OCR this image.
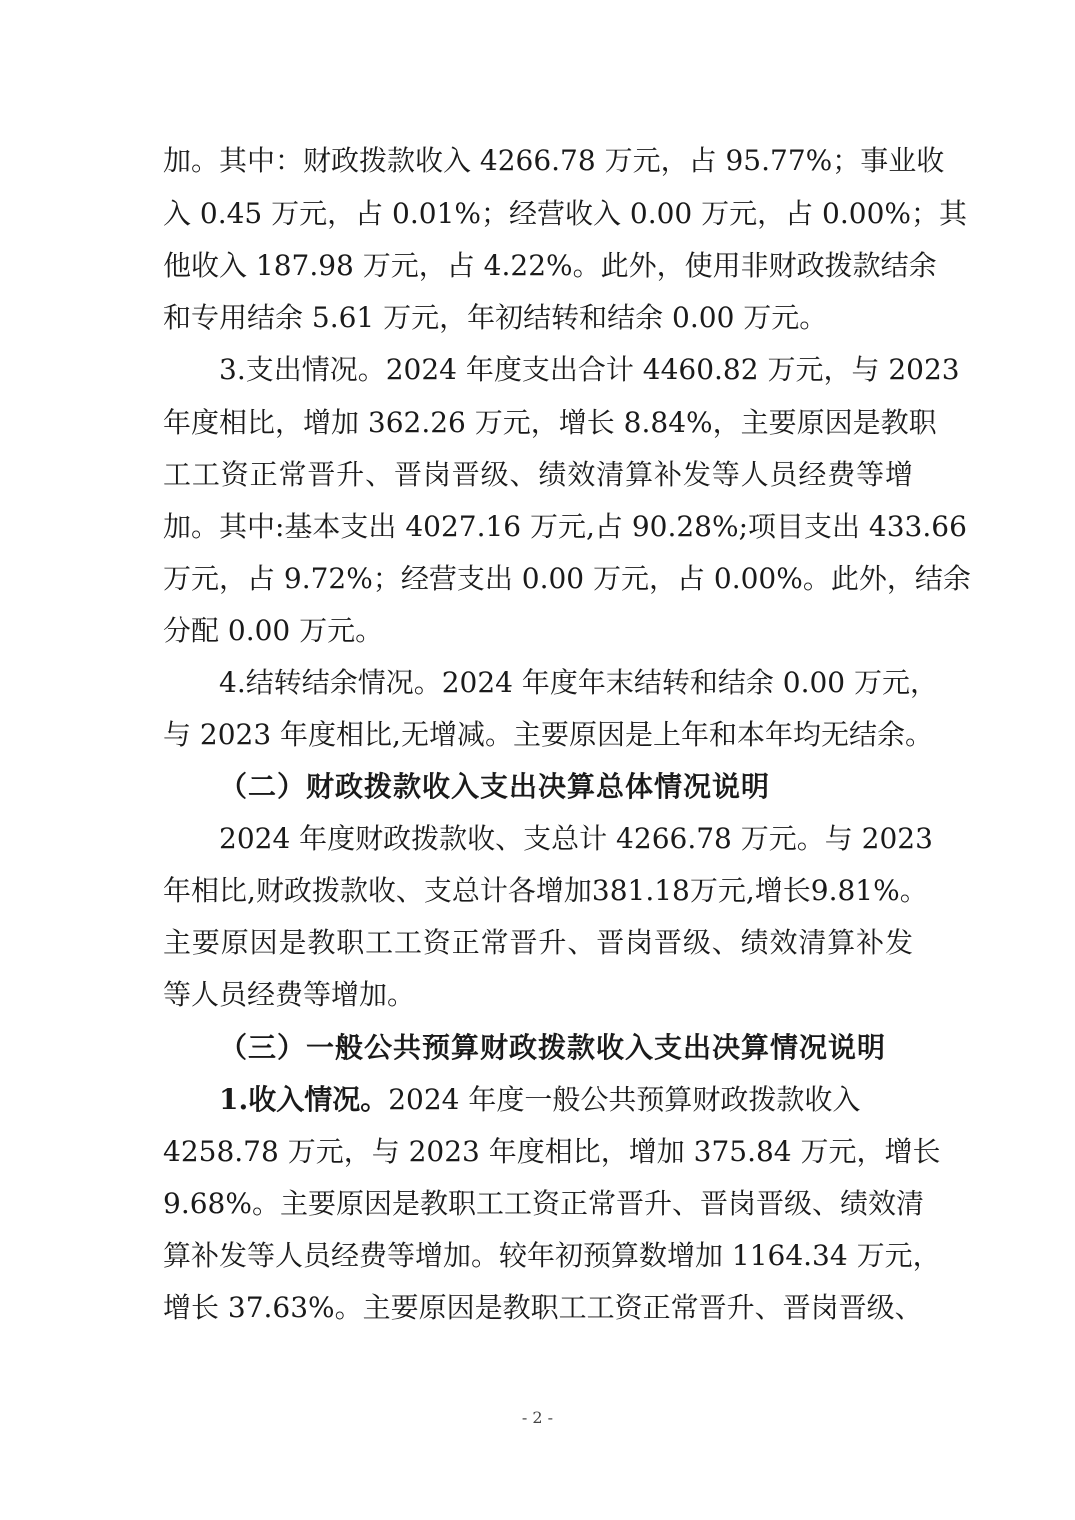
加。其中：财政拨款收入 4266.78 万元，占 95.77%；事业收
入 0.45 万元，占 0.01%；经营收入 0.00 万元，占 0.00%；其
他收入 187.98 万元，占 4.22%。此外，使用非财政拨款结余
和专用结余 5.61 万元，年初结转和结余 0.00 万元。
3.支出情况。2024 年度支出合计 4460.82 万元，与 2023
年度相比，增加 362.26 万元，增长 8.84%，主要原因是教职
工工资正常晋升、晋岗晋级、绩效清算补发等人员经费等增
加。其中:基本支出 4027.16 万元,占 90.28%;项目支出 433.66
万元，占 9.72%；经营支出 0.00 万元，占 0.00%。此外，结余
分配 0.00 万元。
4.结转结余情况。2024 年度年末结转和结余 0.00 万元，
与 2023 年度相比,无增减。主要原因是上年和本年均无结余。
（二）财政拨款收入支出决算总体情况说明
2024 年度财政拨款收、支总计 4266.78 万元。与 2023
年相比,财政拨款收、支总计各增加381.18万元,增长9.81%。
主要原因是教职工工资正常晋升、晋岗晋级、绩效清算补发
等人员经费等增加。
（三）一般公共预算财政拨款收入支出决算情况说明
1.收入情况。2024 年度一般公共预算财政拨款收入
4258.78 万元，与 2023 年度相比，增加 375.84 万元，增长
9.68%。主要原因是教职工工资正常晋升、晋岗晋级、绩效清
算补发等人员经费等增加。较年初预算数增加 1164.34 万元，
增长 37.63%。主要原因是教职工工资正常晋升、晋岗晋级、
- 2 -
